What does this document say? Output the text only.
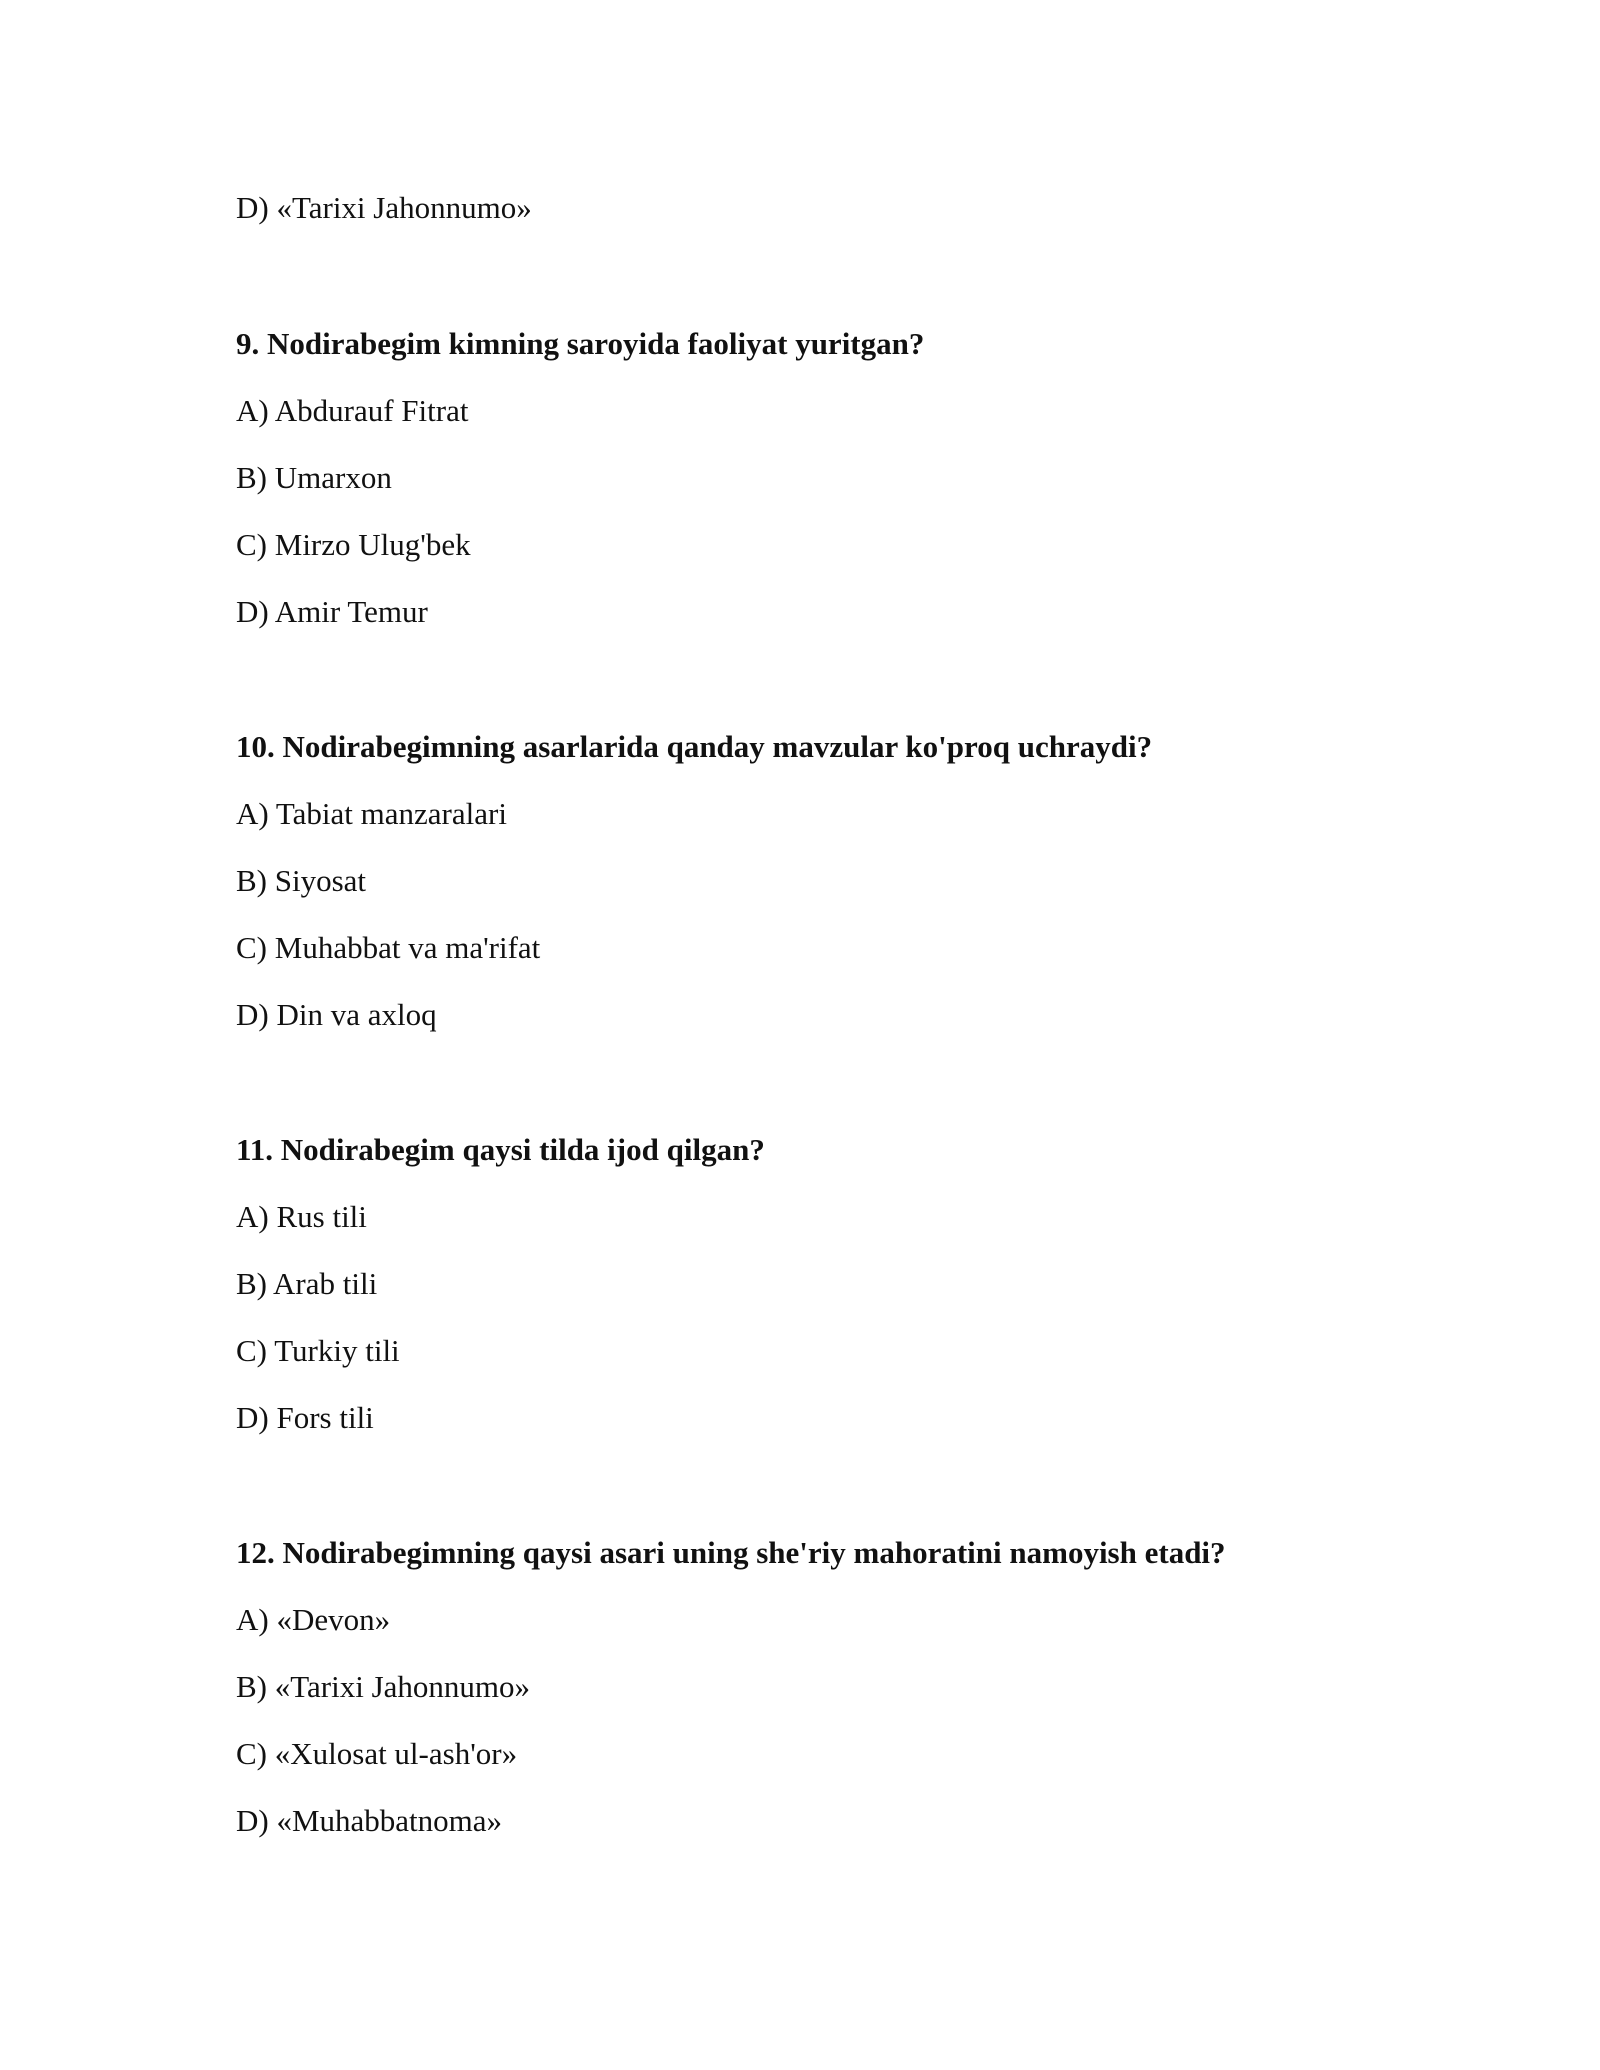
D) «Tarixi Jahonnumo»
9. Nodirabegim kimning saroyida faoliyat yuritgan?
A) Abdurauf Fitrat
B) Umarxon
C) Mirzo Ulug'bek
D) Amir Temur
10. Nodirabegimning asarlarida qanday mavzular ko'proq uchraydi?
A) Tabiat manzaralari
B) Siyosat
C) Muhabbat va ma'rifat
D) Din va axloq
11. Nodirabegim qaysi tilda ijod qilgan?
A) Rus tili
B) Arab tili
C) Turkiy tili
D) Fors tili
12. Nodirabegimning qaysi asari uning she'riy mahoratini namoyish etadi?
A) «Devon»
B) «Tarixi Jahonnumo»
C) «Xulosat ul-ash'or»
D) «Muhabbatnoma»
